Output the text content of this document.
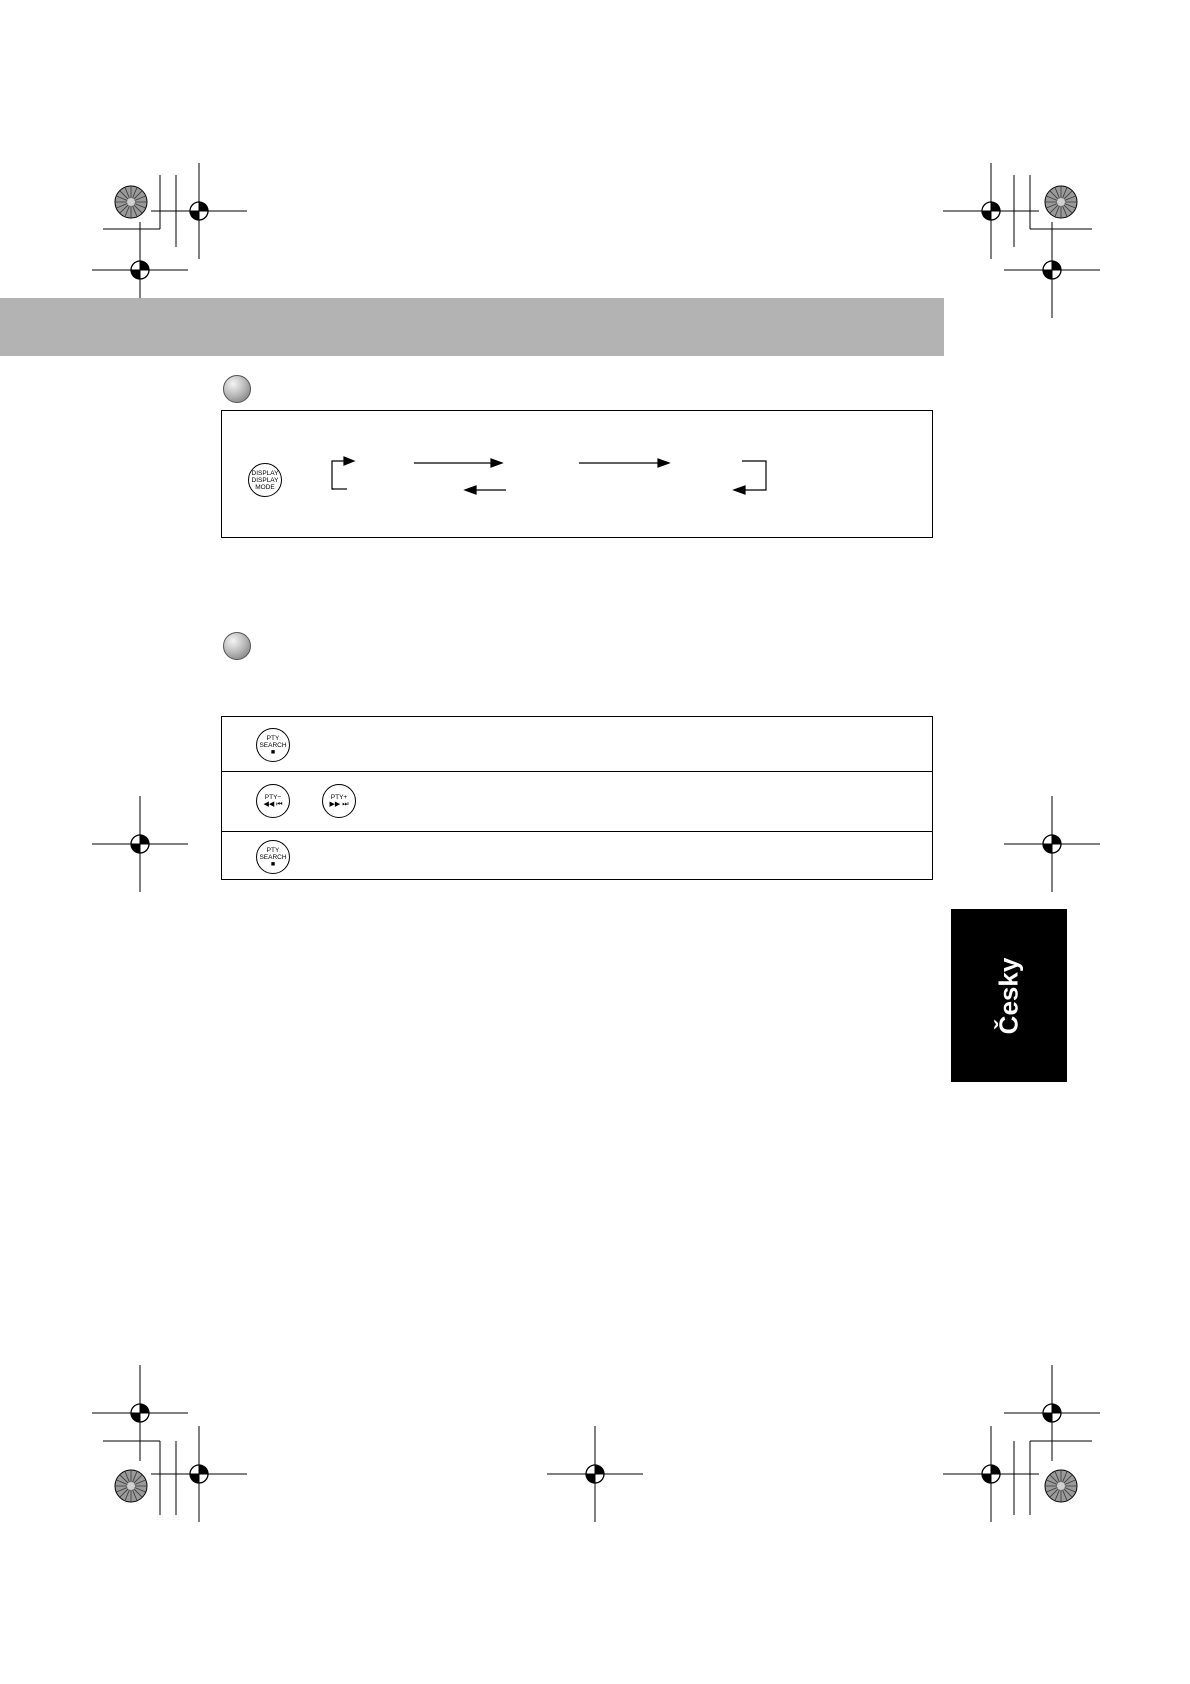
DISPLAY
DISPLAY
MODE
PTY
SEARCH
■
PTY−
◀◀ ⏮
PTY+
▶▶ ⏭
PTY
SEARCH
■
Česky
